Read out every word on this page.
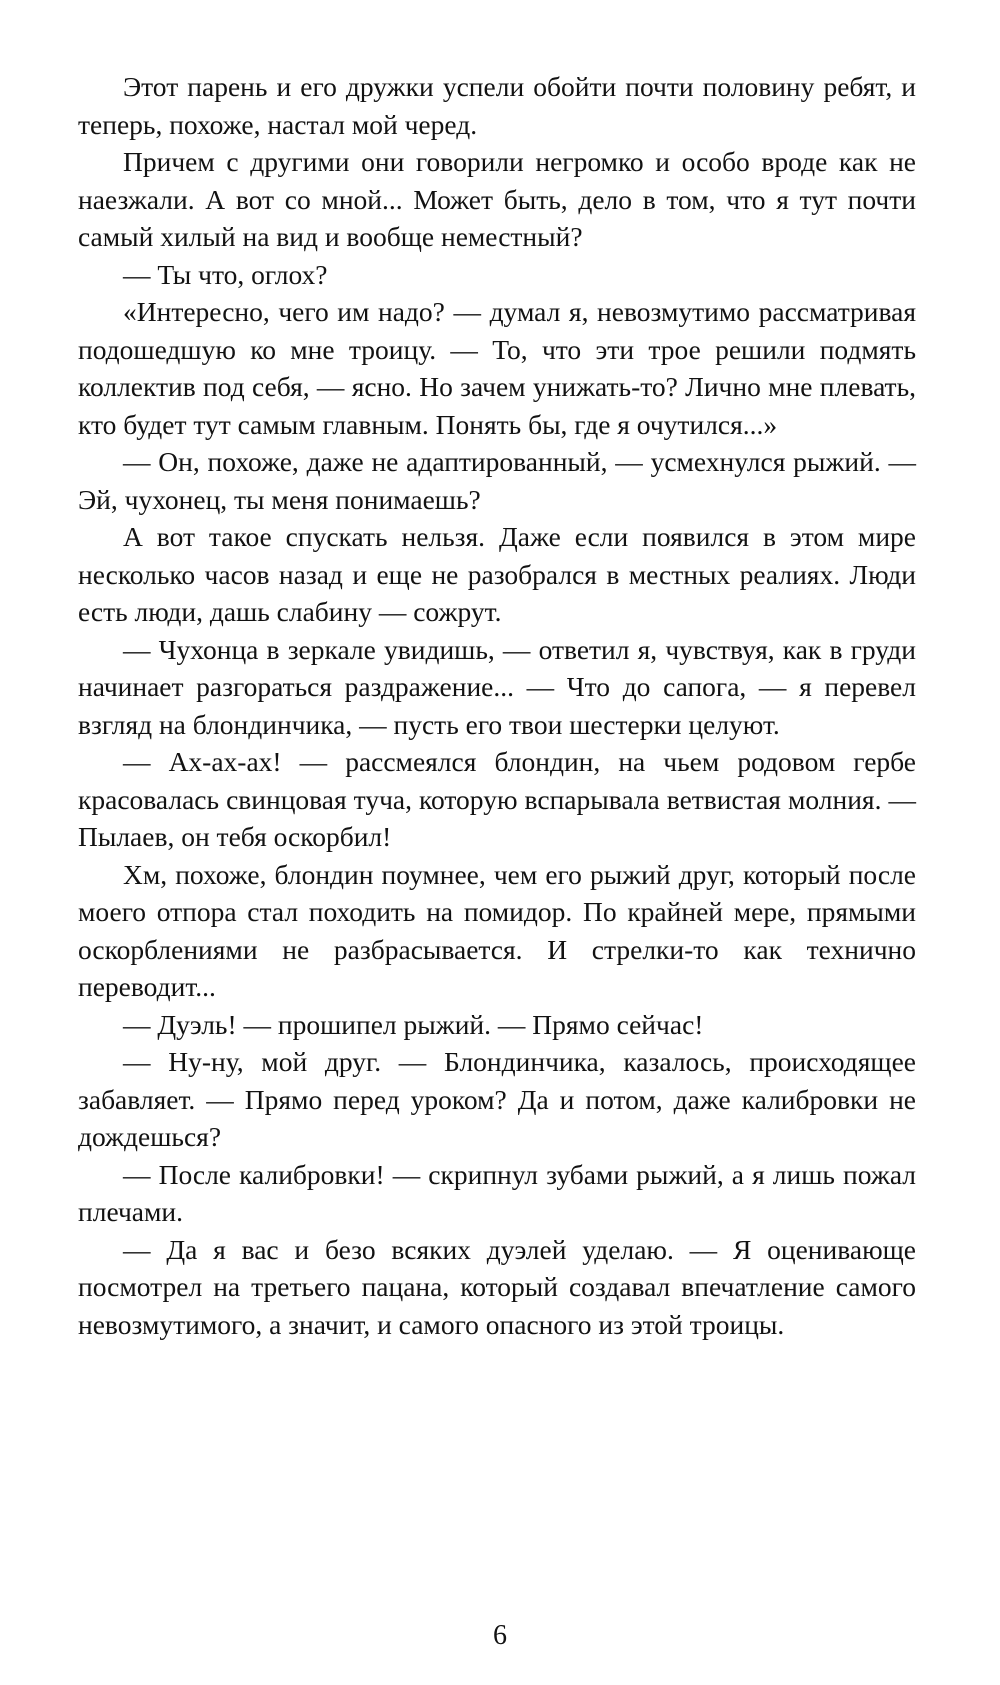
Этот парень и его дружки успели обойти почти половину ребят, и теперь, похоже, настал мой черед.

Причем с другими они говорили негромко и особо вроде как не наезжали. А вот со мной... Может быть, дело в том, что я тут почти самый хилый на вид и вообще неместный?

— Ты что, оглох?

«Интересно, чего им надо? — думал я, невозмутимо рассматривая подошедшую ко мне троицу. — То, что эти трое решили подмять коллектив под себя, — ясно. Но зачем унижать-то? Лично мне плевать, кто будет тут самым главным. Понять бы, где я очутился...»

— Он, похоже, даже не адаптированный, — усмехнулся рыжий. — Эй, чухонец, ты меня понимаешь?

А вот такое спускать нельзя. Даже если появился в этом мире несколько часов назад и еще не разобрался в местных реалиях. Люди есть люди, дашь слабину — сожрут.

— Чухонца в зеркале увидишь, — ответил я, чувствуя, как в груди начинает разгораться раздражение... — Что до сапога, — я перевел взгляд на блондинчика, — пусть его твои шестерки целуют.

— Ах-ах-ах! — рассмеялся блондин, на чьем родовом гербе красовалась свинцовая туча, которую вспарывала ветвистая молния. — Пылаев, он тебя оскорбил!

Хм, похоже, блондин поумнее, чем его рыжий друг, который после моего отпора стал походить на помидор. По крайней мере, прямыми оскорблениями не разбрасывается. И стрелки-то как технично переводит...

— Дуэль! — прошипел рыжий. — Прямо сейчас!

— Ну-ну, мой друг. — Блондинчика, казалось, происходящее забавляет. — Прямо перед уроком? Да и потом, даже калибровки не дождешься?

— После калибровки! — скрипнул зубами рыжий, а я лишь пожал плечами.

— Да я вас и безо всяких дуэлей уделаю. — Я оценивающе посмотрел на третьего пацана, который создавал впечатление самого невозмутимого, а значит, и самого опасного из этой троицы.

6
